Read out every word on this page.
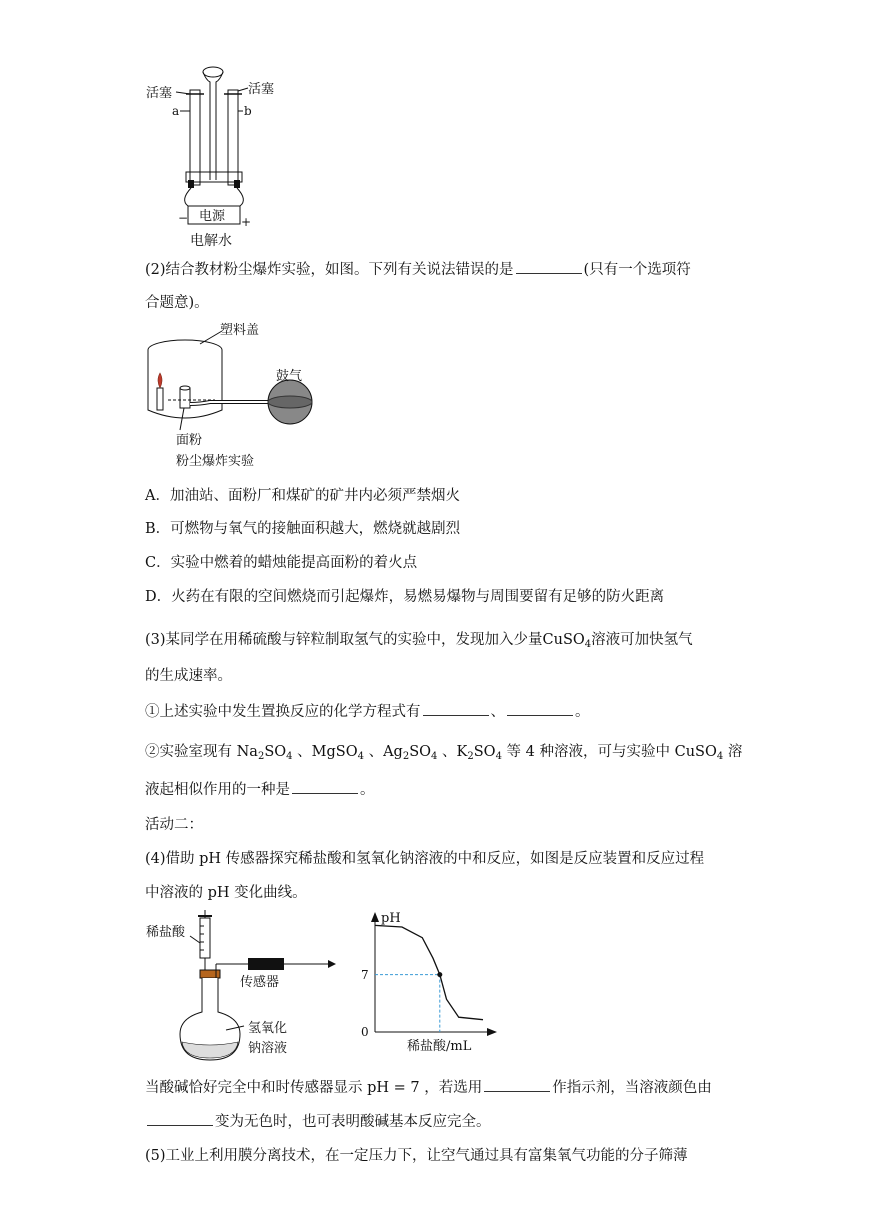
电源
−	+
活塞	活塞
a	b
电解水
(2)结合教材粉尘爆炸实验，如图。下列有关说法错误的是	(只有一个选项符
合题意)。
塑料盖
鼓气
面粉
粉尘爆炸实验
A．加油站、面粉厂和煤矿的矿井内必须严禁烟火
B．可燃物与氧气的接触面积越大，燃烧就越剧烈
C．实验中燃着的蜡烛能提高面粉的着火点
D．火药在有限的空间燃烧而引起爆炸，易燃易爆物与周围要留有足够的防火距离
(3)某同学在用稀硫酸与锌粒制取氢气的实验中，发现加入少量CuSO$_4$溶液可加快氢气
的生成速率。
①上述实验中发生置换反应的化学方程式有	、	。
②实验室现有 $Na_2SO_4$ 、MgSO$_4$ 、$Ag_2SO_4$ 、$K_2SO_4$ 等 4 种溶液，可与实验中 CuSO$_4$ 溶
液起相似作用的一种是	。
活动二：
(4)借助 pH 传感器探究稀盐酸和氢氧化钠溶液的中和反应，如图是反应装置和反应过程
中溶液的 pH 变化曲线。
稀盐酸
传感器
氢氧化
钠溶液
pH
稀盐酸/mL
0
7
当酸碱恰好完全中和时传感器显示 pH = 7 ，若选用	作指示剂，当溶液颜色由
变为无色时，也可表明酸碱基本反应完全。
(5)工业上利用膜分离技术，在一定压力下，让空气通过具有富集氧气功能的分子筛薄
